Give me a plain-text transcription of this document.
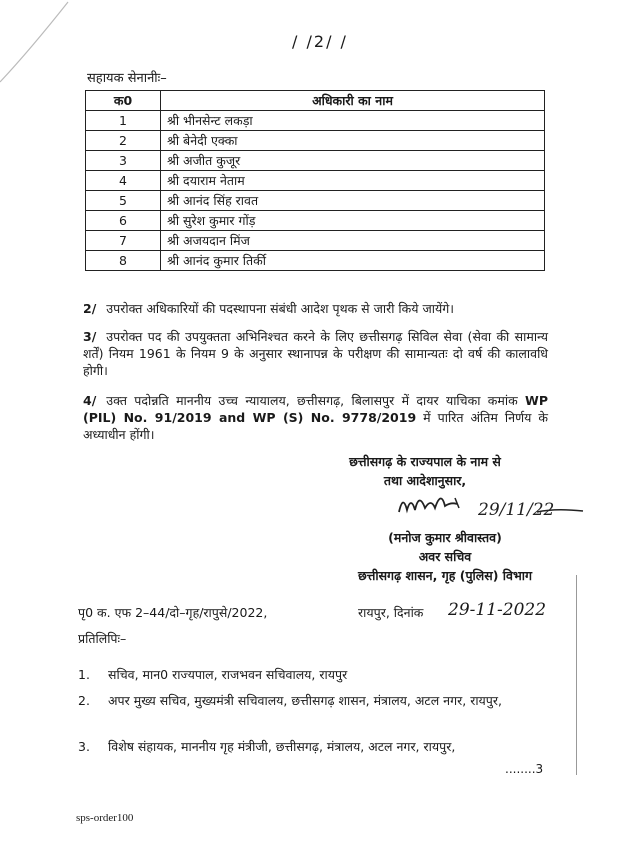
/ /2/ /
सहायक सेनानीः–
क0	अधिकारी का नाम
1	श्री भीनसेन्ट लकड़ा
2	श्री बेनेदी एक्का
3	श्री अजीत कुजूर
4	श्री दयाराम नेताम
5	श्री आनंद सिंह रावत
6	श्री सुरेश कुमार गोंड़
7	श्री अजयदान मिंज
8	श्री आनंद कुमार तिर्की
2/ उपरोक्त अधिकारियों की पदस्थापना संबंधी आदेश पृथक से जारी किये जायेंगे।
3/ उपरोक्त पद की उपयुक्तता अभिनिश्चत करने के लिए छत्तीसगढ़ सिविल सेवा (सेवा की सामान्य शर्तें) नियम 1961 के नियम 9 के अनुसार स्थानापन्न के परीक्षण की सामान्यतः दो वर्ष की कालावधि होगी।
4/ उक्त पदोन्नति माननीय उच्च न्यायालय, छत्तीसगढ़, बिलासपुर में दायर याचिका कमांक WP (PIL) No. 91/2019 and WP (S) No. 9778/2019 में पारित अंतिम निर्णय के अध्याधीन होंगी।
छत्तीसगढ़ के राज्यपाल के नाम से
तथा आदेशानुसार,
29/11/22
(मनोज कुमार श्रीवास्तव)
अवर सचिव
छत्तीसगढ़ शासन, गृह (पुलिस) विभाग
पृ0 क. एफ 2–44/दो–गृह/रापुसे/2022,	रायपुर, दिनांक 29-11-2022
प्रतिलिपिः–
1. सचिव, मान0 राज्यपाल, राजभवन सचिवालय, रायपुर
2. अपर मुख्य सचिव, मुख्यमंत्री सचिवालय, छत्तीसगढ़ शासन, मंत्रालय, अटल नगर, रायपुर,
3. विशेष संहायक, माननीय गृह मंत्रीजी, छत्तीसगढ़, मंत्रालय, अटल नगर, रायपुर,
........3
sps-order100
